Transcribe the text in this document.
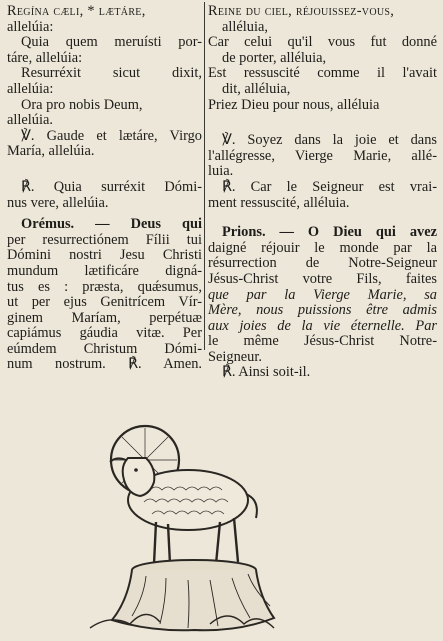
Regína cæli, * lætáre,
allelúia:
Quia quem meruísti por-
táre, allelúia:
Resurréxit sicut dixit,
allelúia:
Ora pro nobis Deum,
allelúia.
℣. Gaude et lætáre, Virgo
María, allelúia.
℟. Quia surréxit Dómi-
nus vere, allelúia.
Orémus. — Deus qui
per resurrectiónem Fílii tui
Dómini nostri Jesu Christi
mundum lætificáre digná-
tus es : præsta, quǽsumus,
ut per ejus Genitrícem Vír-
ginem Maríam, perpétuæ
capiámus gáudia vitæ. Per
eúmdem Christum Dómi-
num nostrum. ℟. Amen.
Reine du ciel, réjouissez-vous,
alléluia,
Car celui qu'il vous fut donné
de porter, alléluia,
Est ressuscité comme il l'avait
dit, alléluia,
Priez Dieu pour nous, alléluia
℣. Soyez dans la joie et dans
l'allégresse, Vierge Marie, allé-
luia.
℟. Car le Seigneur est vrai-
ment ressuscité, alléluia.
Prions. — O Dieu qui avez
daigné réjouir le monde par la
résurrection de Notre-Seigneur
Jésus-Christ votre Fils, faites
que par la Vierge Marie, sa
Mère, nous puissions être admis
aux joies de la vie éternelle. Par
le même Jésus-Christ Notre-
Seigneur.
℟. Ainsi soit-il.
